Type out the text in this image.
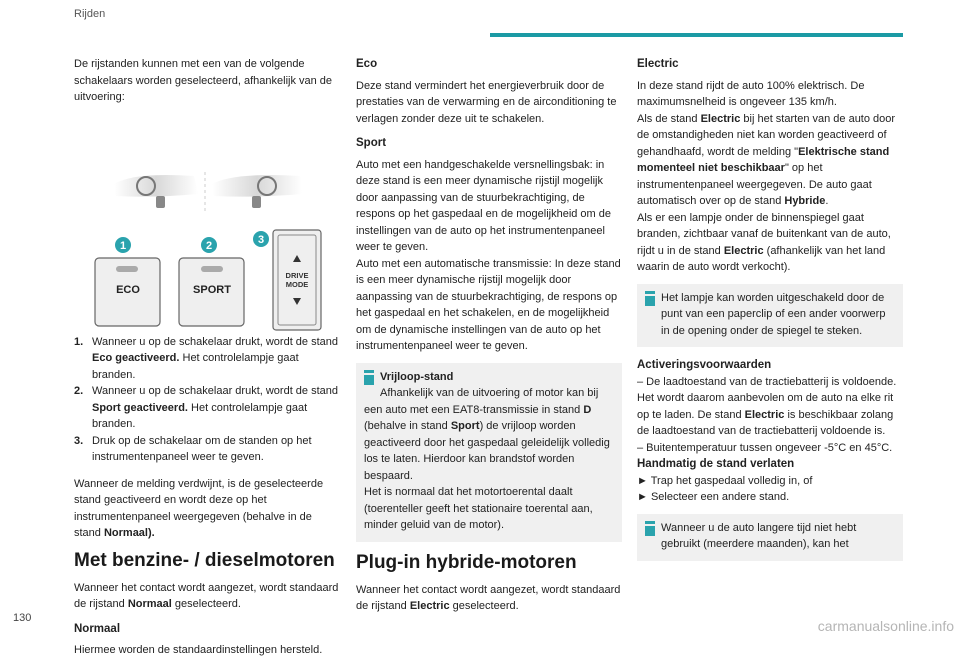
Rijden

De rijstanden kunnen met een van de volgende schakelaars worden geselecteerd, afhankelijk van de uitvoering:

1	2	3
ECO	SPORT
DRIVE
MODE
1. Wanneer u op de schakelaar drukt, wordt de stand Eco geactiveerd. Het controlelampje gaat branden.
2. Wanneer u op de schakelaar drukt, wordt de stand Sport geactiveerd. Het controlelampje gaat branden.
3. Druk op de schakelaar om de standen op het instrumentenpaneel weer te geven.

Wanneer de melding verdwijnt, is de geselecteerde stand geactiveerd en wordt deze op het instrumentenpaneel weergegeven (behalve in de stand Normaal).

Met benzine- / dieselmotoren

Wanneer het contact wordt aangezet, wordt standaard de rijstand Normaal geselecteerd.

Normaal

Hiermee worden de standaardinstellingen hersteld.

Eco

Deze stand vermindert het energieverbruik door de prestaties van de verwarming en de airconditioning te verlagen zonder deze uit te schakelen.

Sport

Auto met een handgeschakelde versnellingsbak: in deze stand is een meer dynamische rijstijl mogelijk door aanpassing van de stuurbekrachtiging, de respons op het gaspedaal en de mogelijkheid om de instellingen van de auto op het instrumentenpaneel weer te geven.
Auto met een automatische transmissie: In deze stand is een meer dynamische rijstijl mogelijk door aanpassing van de stuurbekrachtiging, de respons op het gaspedaal en het schakelen, en de mogelijkheid om de dynamische instellingen van de auto op het instrumentenpaneel weer te geven.

Vrijloop-stand
Afhankelijk van de uitvoering of motor kan bij een auto met een EAT8-transmissie in stand D (behalve in stand Sport) de vrijloop worden geactiveerd door het gaspedaal geleidelijk volledig los te laten. Hierdoor kan brandstof worden bespaard.
Het is normaal dat het motortoerental daalt (toerenteller geeft het stationaire toerental aan, minder geluid van de motor).
Plug-in hybride-motoren

Wanneer het contact wordt aangezet, wordt standaard de rijstand Electric geselecteerd.

Electric

In deze stand rijdt de auto 100% elektrisch. De maximumsnelheid is ongeveer 135 km/h.
Als de stand Electric bij het starten van de auto door de omstandigheden niet kan worden geactiveerd of gehandhaafd, wordt de melding "Elektrische stand momenteel niet beschikbaar" op het instrumentenpaneel weergegeven. De auto gaat automatisch over op de stand Hybride.
Als er een lampje onder de binnenspiegel gaat branden, zichtbaar vanaf de buitenkant van de auto, rijdt u in de stand Electric (afhankelijk van het land waarin de auto wordt verkocht).

Het lampje kan worden uitgeschakeld door de punt van een paperclip of een ander voorwerp in de opening onder de spiegel te steken.
Activeringsvoorwaarden

– De laadtoestand van de tractiebatterij is voldoende. Het wordt daarom aanbevolen om de auto na elke rit op te laden. De stand Electric is beschikbaar zolang de laadtoestand van de tractiebatterij voldoende is.
– Buitentemperatuur tussen ongeveer -5°C en 45°C.

Handmatig de stand verlaten

► Trap het gaspedaal volledig in, of
► Selecteer een andere stand.

Wanneer u de auto langere tijd niet hebt gebruikt (meerdere maanden), kan het
130	carmanualsonline.info
